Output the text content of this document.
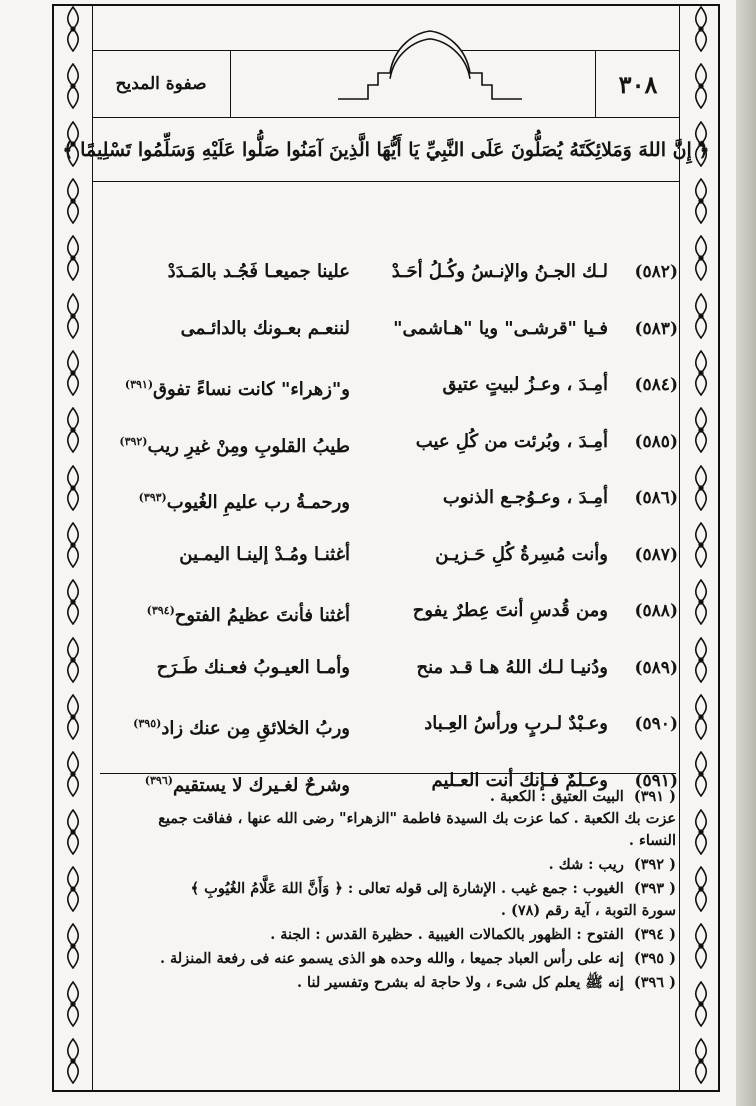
صفوة المديح	٣٠٨
﴿ إِنَّ اللهَ وَمَلائِكَتَهُ يُصَلُّونَ عَلَى النَّبِيِّ يَا أَيُّهَا الَّذِينَ آمَنُوا صَلُّوا عَلَيْهِ وَسَلِّمُوا تَسْلِيمًا ﴾
(٥٨٢)
لـك الجـنُ والإنـسُ وكُـلُ أحَـدْ
علينا جميعـا فَجُـد بالمَـدَدْ
(٥٨٣)
فـيا "قرشـى" ويا "هـاشمى"
لننعـم بعـونك بالدائـمى
(٥٨٤)
أمِـدَ ، وعـزُ لبيتٍ عتيق
و"زهراء" كانت نساءً تفوق$^{(٣٩١)}$
(٥٨٥)
أمِـدَ ، وبُرئت من كُلِ عيب
طيبُ القلوبِ ومِنْ غيرِ ريب$^{(٣٩٢)}$
(٥٨٦)
أمِـدَ ، وعـوُجـع الذنوب
ورحمـةُ رب عليمِ الغُيوب$^{(٣٩٣)}$
(٥٨٧)
وأنت مُسِرةُ كُلِ حَـزيـن
أغثنـا ومُـدْ إلينـا اليمـين
(٥٨٨)
ومن قُدسِ أنتَ عِطرٌ يفوح
أغثنا فأنتَ عظيمُ الفتوح$^{(٣٩٤)}$
(٥٨٩)
ودُنيـا لـك اللهُ هـا قـد منح
وأمـا العيـوبُ فعـنك طَـرَح
(٥٩٠)
وعـبْدٌ لـربٍ ورأسُ العِـباد
وربُ الخلائقِ مِن عنك زاد$^{(٣٩٥)}$
(٥٩١)
وعـلمٌ فـإنك أنت العـليم
وشرحٌ لغـيرك لا يستقيم$^{(٣٩٦)}$
( ٣٩١)البيت العتيق : الكعبة .
عزت بك الكعبة . كما عزت بك السيدة فاطمة "الزهراء" رضى الله عنها ، ففاقت جميع
النساء .
( ٣٩٢)ريب : شك .
( ٣٩٣)الغيوب : جمع غيب . الإشارة إلى قوله تعالى : ﴿ وَأَنَّ اللهَ عَلَّامُ الغُيُوبِ ﴾
سورة التوبة ، آية رقم (٧٨) .
( ٣٩٤)الفتوح : الظهور بالكمالات الغيبية . حظيرة القدس : الجنة .
( ٣٩٥)إنه على رأس العباد جميعا ، والله وحده هو الذى يسمو عنه فى رفعة المنزلة .
( ٣٩٦)إنه ﷺ يعلم كل شىء ، ولا حاجة له بشرح وتفسير لنا .
